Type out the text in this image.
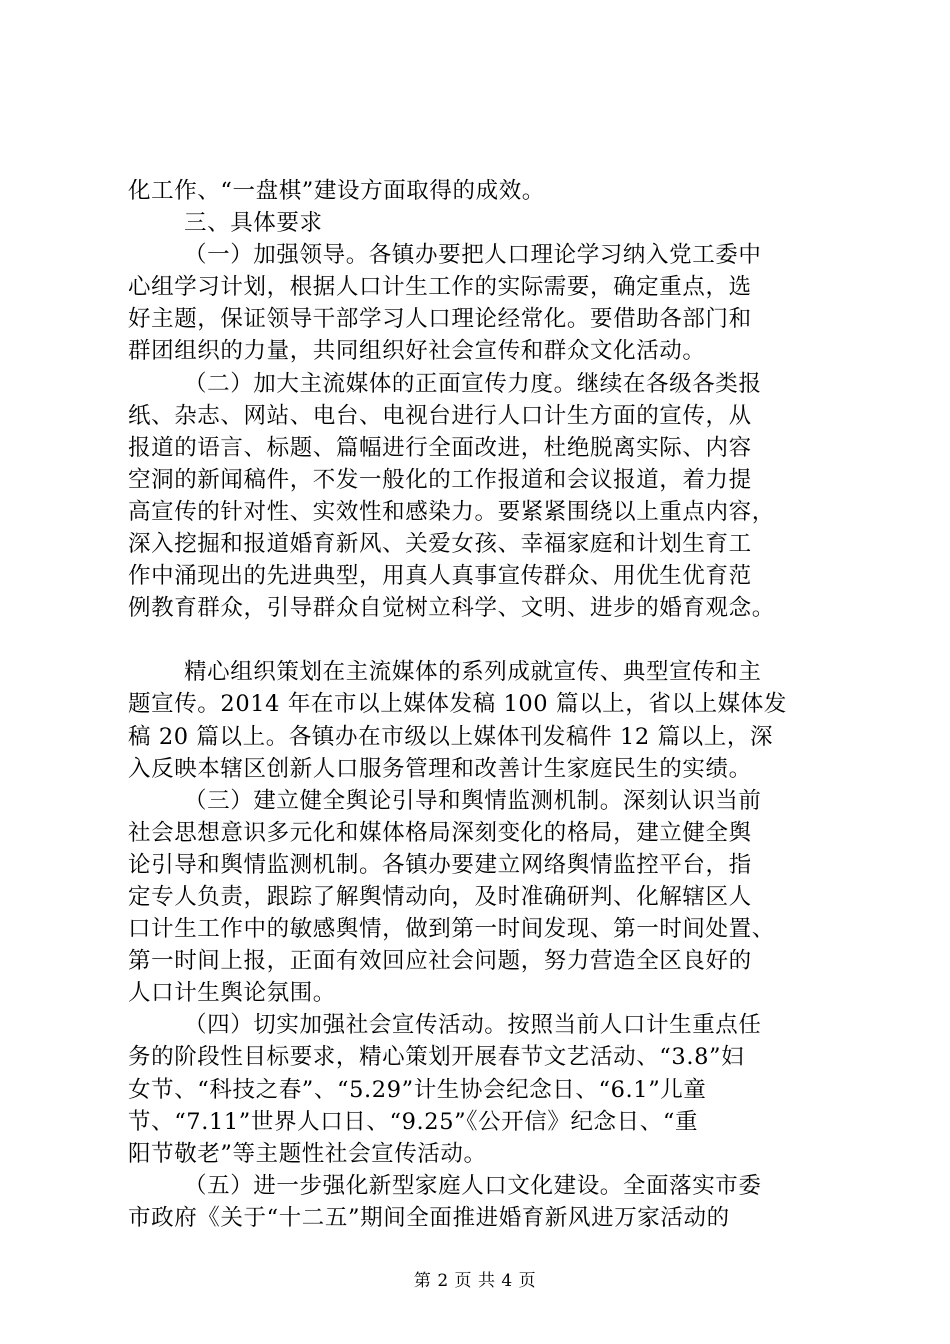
化工作、“一盘棋”建设方面取得的成效。
三、具体要求
（一）加强领导。各镇办要把人口理论学习纳入党工委中
心组学习计划，根据人口计生工作的实际需要，确定重点，选
好主题，保证领导干部学习人口理论经常化。要借助各部门和
群团组织的力量，共同组织好社会宣传和群众文化活动。
（二）加大主流媒体的正面宣传力度。继续在各级各类报
纸、杂志、网站、电台、电视台进行人口计生方面的宣传，从
报道的语言、标题、篇幅进行全面改进，杜绝脱离实际、内容
空洞的新闻稿件，不发一般化的工作报道和会议报道，着力提
高宣传的针对性、实效性和感染力。要紧紧围绕以上重点内容，
深入挖掘和报道婚育新风、关爱女孩、幸福家庭和计划生育工
作中涌现出的先进典型，用真人真事宣传群众、用优生优育范
例教育群众，引导群众自觉树立科学、文明、进步的婚育观念。
精心组织策划在主流媒体的系列成就宣传、典型宣传和主
题宣传。2014 年在市以上媒体发稿 100 篇以上，省以上媒体发
稿 20 篇以上。各镇办在市级以上媒体刊发稿件 12 篇以上，深
入反映本辖区创新人口服务管理和改善计生家庭民生的实绩。
（三）建立健全舆论引导和舆情监测机制。深刻认识当前
社会思想意识多元化和媒体格局深刻变化的格局，建立健全舆
论引导和舆情监测机制。各镇办要建立网络舆情监控平台，指
定专人负责，跟踪了解舆情动向，及时准确研判、化解辖区人
口计生工作中的敏感舆情，做到第一时间发现、第一时间处置、
第一时间上报，正面有效回应社会问题，努力营造全区良好的
人口计生舆论氛围。
（四）切实加强社会宣传活动。按照当前人口计生重点任
务的阶段性目标要求，精心策划开展春节文艺活动、“3.8”妇
女节、“科技之春”、“5.29”计生协会纪念日、“6.1”儿童
节、“7.11”世界人口日、“9.25”《公开信》纪念日、“重
阳节敬老”等主题性社会宣传活动。
（五）进一步强化新型家庭人口文化建设。全面落实市委
市政府《关于“十二五”期间全面推进婚育新风进万家活动的
第 2 页 共 4 页
